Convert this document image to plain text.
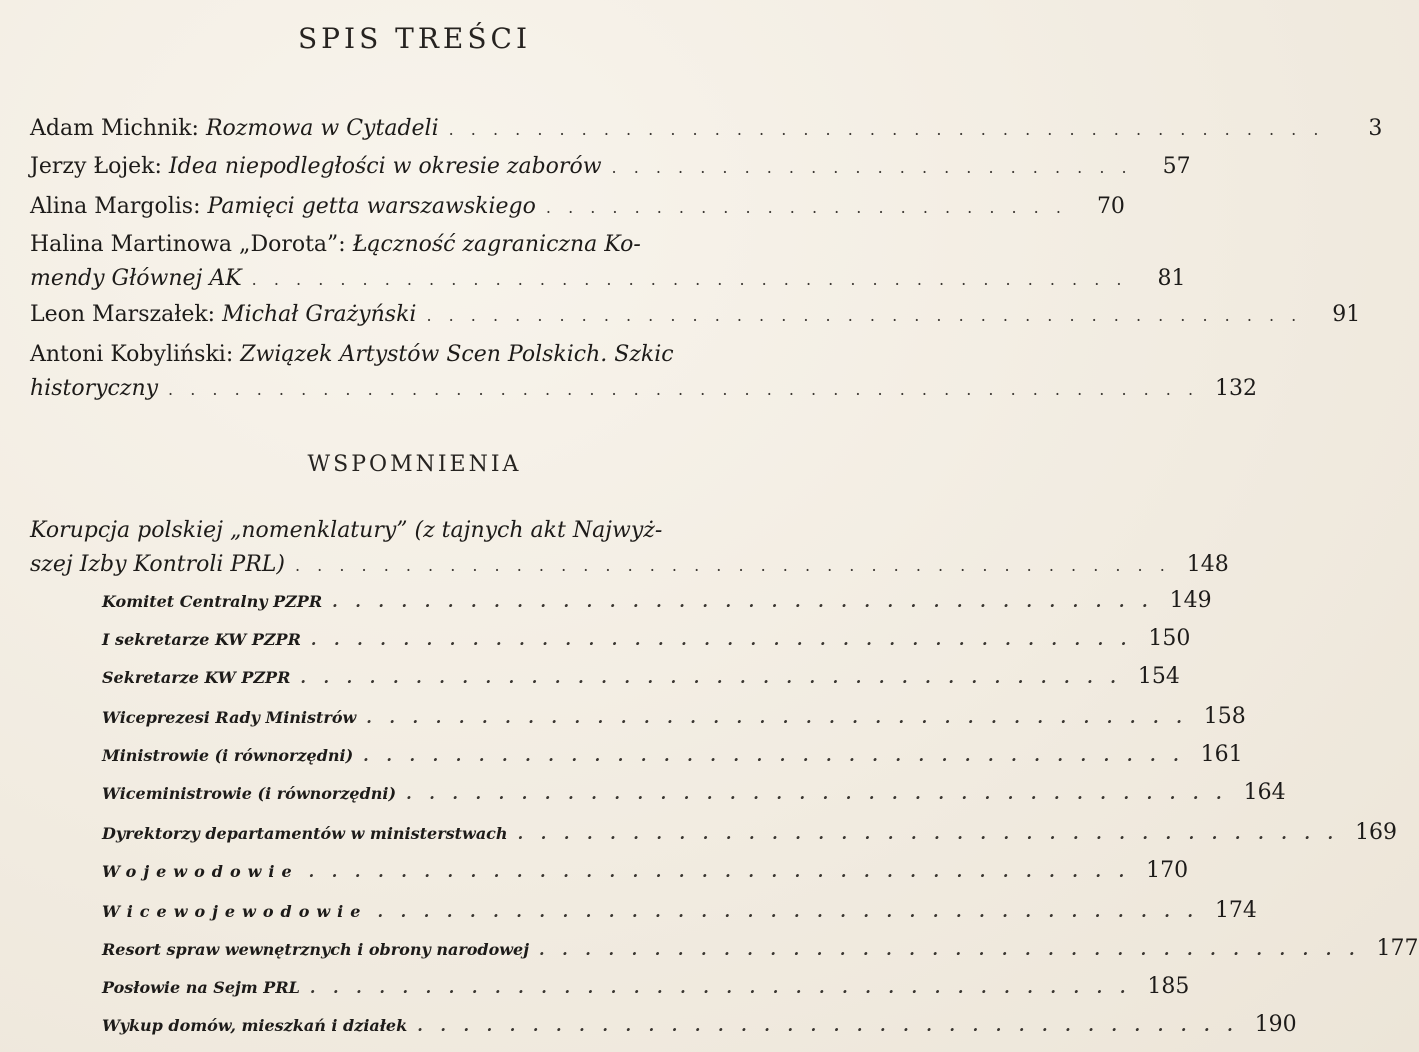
SPIS TREŚCI
Adam Michnik: Rozmowa w Cytadeli . . . . . . . . . . . . . . . . . . . . . . . . . . . . . . . . . . . . . . . .	3
Jerzy Łojek: Idea niepodległości w okresie zaborów . . . . . . . . . . . . . . . . . . . . . . . .	57
Alina Margolis: Pamięci getta warszawskiego . . . . . . . . . . . . . . . . . . . . . . . .	70
Halina Martinowa „Dorota”: Łączność zagraniczna Ko-
mendy Głównej AK . . . . . . . . . . . . . . . . . . . . . . . . . . . . . . . . . . . . . . . .	81
Leon Marszałek: Michał Grażyński . . . . . . . . . . . . . . . . . . . . . . . . . . . . . . . . . . . . . . . .	91
Antoni Kobyliński: Związek Artystów Scen Polskich. Szkic
historyczny . . . . . . . . . . . . . . . . . . . . . . . . . . . . . . . . . . . . . . . . . . . . . . . 132
WSPOMNIENIA
Korupcja polskiej „nomenklatury” (z tajnych akt Najwyż-
szej Izby Kontroli PRL) . . . . . . . . . . . . . . . . . . . . . . . . . . . . . . . . . . . . . . . . 148
Komitet Centralny PZPR . . . . . . . . . . . . . . . . . . . . . . . . . . . . . . . . . . . . 149
I sekretarze KW PZPR . . . . . . . . . . . . . . . . . . . . . . . . . . . . . . . . . . . . 150
Sekretarze KW PZPR . . . . . . . . . . . . . . . . . . . . . . . . . . . . . . . . . . . . 154
Wiceprezesi Rady Ministrów . . . . . . . . . . . . . . . . . . . . . . . . . . . . . . . . . . . . 158
Ministrowie (i równorzędni) . . . . . . . . . . . . . . . . . . . . . . . . . . . . . . . . . . . . 161
Wiceministrowie (i równorzędni) . . . . . . . . . . . . . . . . . . . . . . . . . . . . . . . . . . . . 164
Dyrektorzy departamentów w ministerstwach . . . . . . . . . . . . . . . . . . . . . . . . . . . . . . . . . . . . 169
Wojewodowie . . . . . . . . . . . . . . . . . . . . . . . . . . . . . . . . . . . . 170
Wicewojewodowie . . . . . . . . . . . . . . . . . . . . . . . . . . . . . . . . . . . . 174
Resort spraw wewnętrznych i obrony narodowej . . . . . . . . . . . . . . . . . . . . . . . . . . . . . . . . . . . . 177
Posłowie na Sejm PRL . . . . . . . . . . . . . . . . . . . . . . . . . . . . . . . . . . . . 185
Wykup domów, mieszkań i działek . . . . . . . . . . . . . . . . . . . . . . . . . . . . . . . . . . . . 190
